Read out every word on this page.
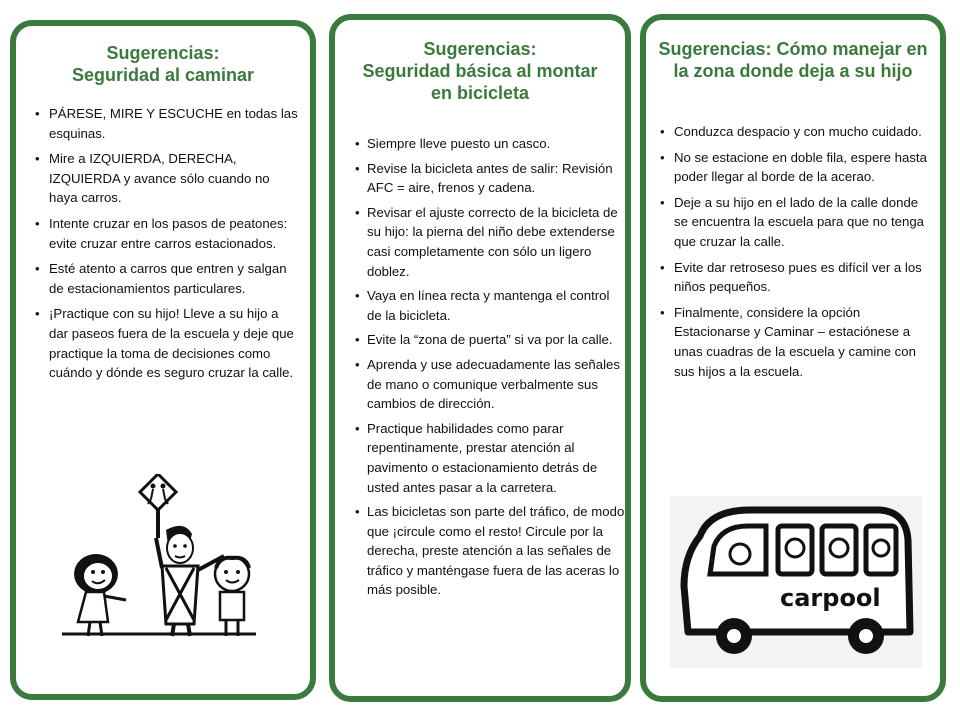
Sugerencias:
Seguridad al caminar
• PÁRESE, MIRE Y ESCUCHE en todas las esquinas.
• Mire a IZQUIERDA, DERECHA, IZQUIERDA y avance sólo cuando no haya carros.
• Intente cruzar en los pasos de peatones: evite cruzar entre carros estacionados.
• Esté atento a carros que entren y salgan de estacionamientos particulares.
• ¡Practique con su hijo! Lleve a su hijo a dar paseos fuera de la escuela y deje que practique la toma de decisiones como cuándo y dónde es seguro cruzar la calle.
Sugerencias:
Seguridad básica al montar
en bicicleta
• Siempre lleve puesto un casco.
• Revise la bicicleta antes de salir: Revisión AFC = aire, frenos y cadena.
• Revisar el ajuste correcto de la bicicleta de su hijo: la pierna del niño debe extenderse casi completamente con sólo un ligero doblez.
• Vaya en línea recta y mantenga el control de la bicicleta.
• Evite la “zona de puerta” si va por la calle.
• Aprenda y use adecuadamente las señales de mano o comunique verbalmente sus cambios de dirección.
• Practique habilidades como parar repentinamente, prestar atención al pavimento o estacionamiento detrás de usted antes pasar a la carretera.
• Las bicicletas son parte del tráfico, de modo que ¡circule como el resto! Circule por la derecha, preste atención a las señales de tráfico y manténgase fuera de las aceras lo más posible.
Sugerencias: Cómo manejar en
la zona donde deja a su hijo
• Conduzca despacio y con mucho cuidado.
• No se estacione en doble fila, espere hasta poder llegar al borde de la acerao.
• Deje a su hijo en el lado de la calle donde se encuentra la escuela para que no tenga que cruzar la calle.
• Evite dar retroseso pues es difícil ver a los niños pequeños.
• Finalmente, considere la opción Estacionarse y Caminar – estaciónese a unas cuadras de la escuela y camine con sus hijos a la escuela.
carpool
